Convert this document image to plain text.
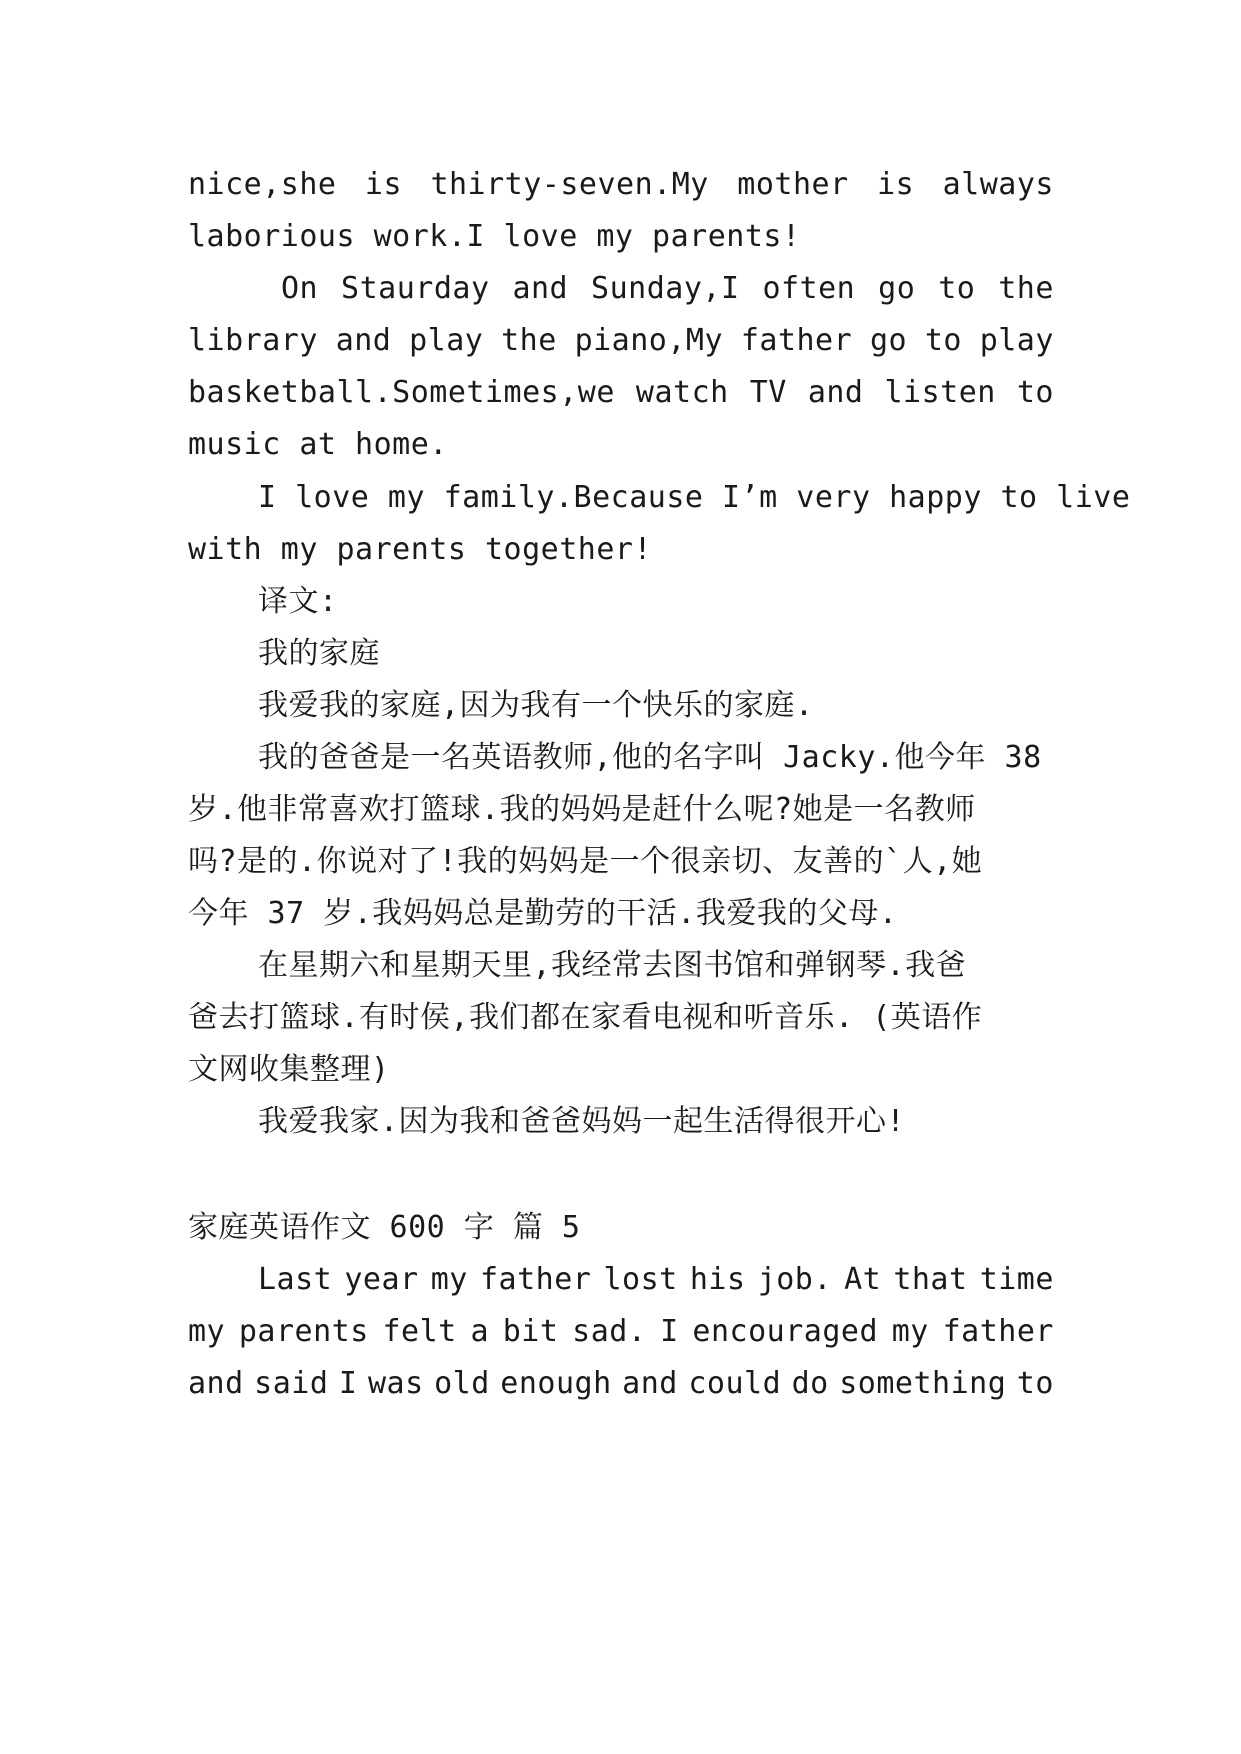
nice,she is thirty-seven.My mother is always
laborious work.I love my parents!
On Staurday and Sunday,I often go to the
library and play the piano,My father go to play
basketball.Sometimes,we watch TV and listen to
music at home.
I love my family.Because I’m very happy to live
with my parents together!
译文:
我的家庭
我爱我的家庭,因为我有一个快乐的家庭.
我的爸爸是一名英语教师,他的名字叫 Jacky.他今年 38
岁.他非常喜欢打篮球.我的妈妈是赶什么呢?她是一名教师
吗?是的.你说对了!我的妈妈是一个很亲切、友善的`人,她
今年 37 岁.我妈妈总是勤劳的干活.我爱我的父母.
在星期六和星期天里,我经常去图书馆和弹钢琴.我爸
爸去打篮球.有时侯,我们都在家看电视和听音乐. (英语作
文网收集整理)
我爱我家.因为我和爸爸妈妈一起生活得很开心!
家庭英语作文 600 字 篇 5
Last year my father lost his job. At that time
my parents felt a bit sad. I encouraged my father
and said I was old enough and could do something to
